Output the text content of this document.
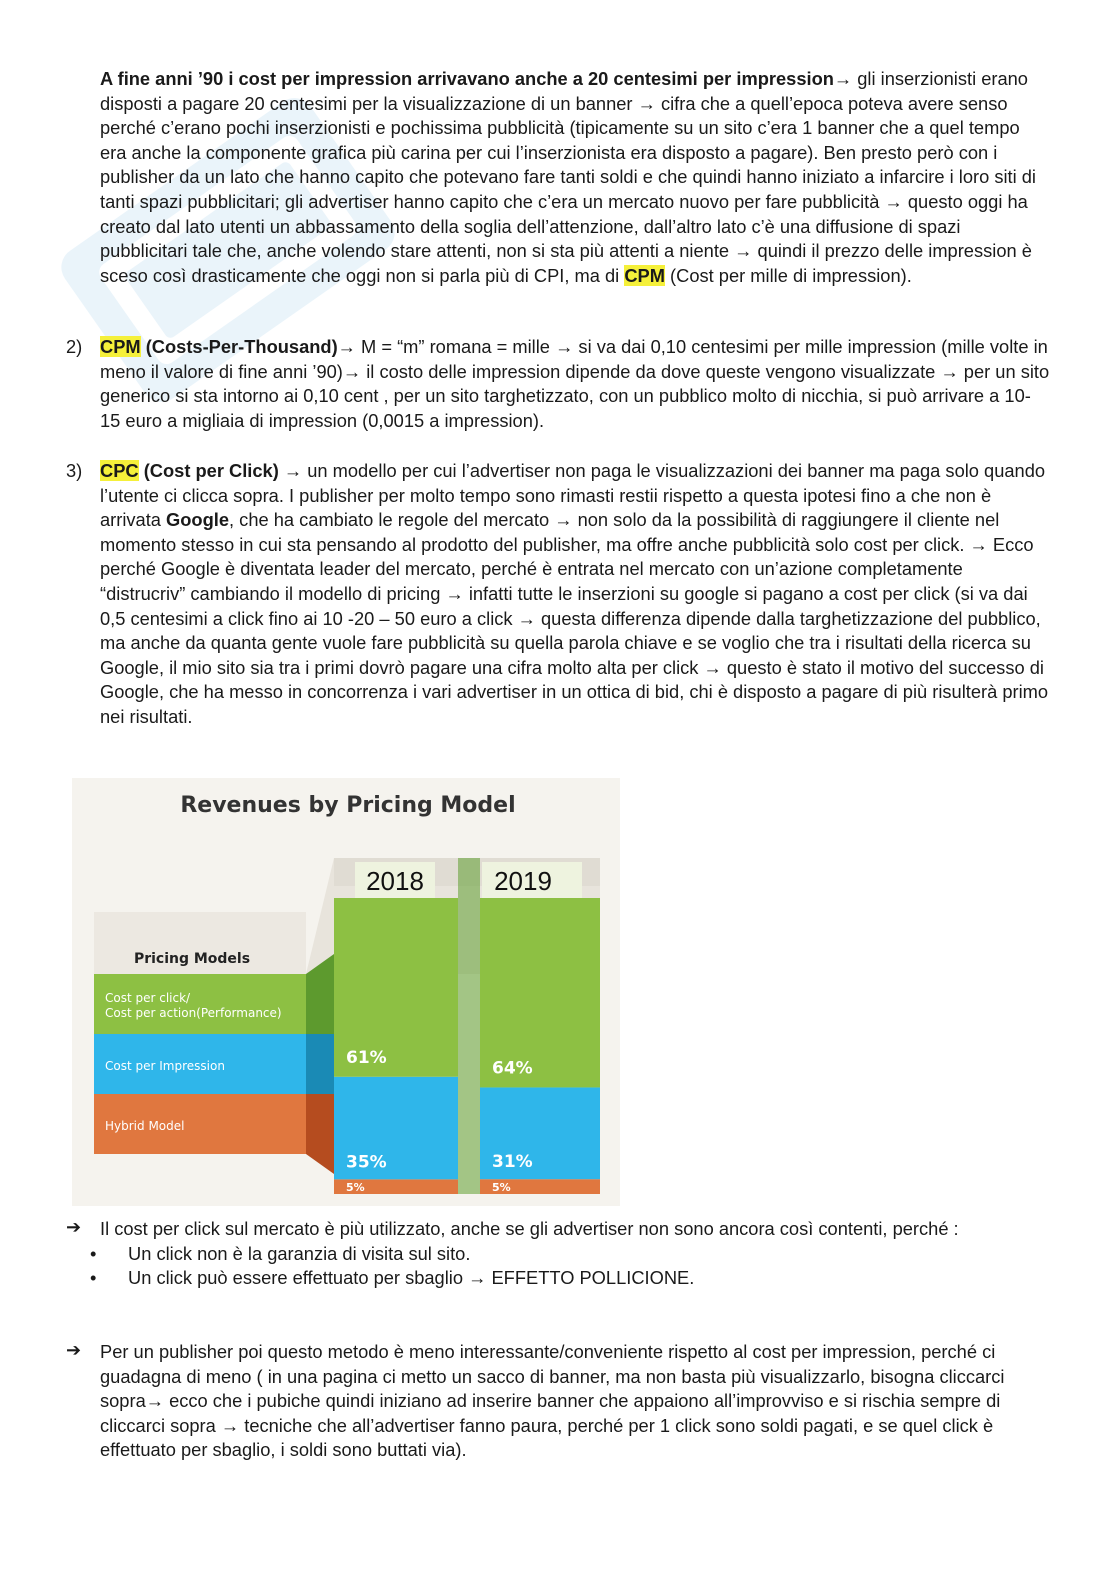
A fine anni ’90 i cost per impression arrivavano anche a 20 centesimi per impression→ gli inserzionisti erano disposti a pagare 20 centesimi per la visualizzazione di un banner → cifra che a quell’epoca poteva avere senso perché c’erano pochi inserzionisti e pochissima pubblicità (tipicamente su un sito c’era 1 banner che a quel tempo era anche la componente grafica più carina per cui l’inserzionista era disposto a pagare). Ben presto però con i publisher da un lato che hanno capito che potevano fare tanti soldi e che quindi hanno iniziato a infarcire i loro siti di tanti spazi pubblicitari; gli advertiser hanno capito che c’era un mercato nuovo per fare pubblicità → questo oggi ha creato dal lato utenti un abbassamento della soglia dell’attenzione, dall’altro lato c’è una diffusione di spazi pubblicitari tale che, anche volendo stare attenti, non si sta più attenti a niente → quindi il prezzo delle impression è sceso così drasticamente che oggi non si parla più di CPI, ma di CPM (Cost per mille di impression).

2) CPM (Costs-Per-Thousand)→ M = “m” romana = mille → si va dai 0,10 centesimi per mille impression (mille volte in meno il valore di fine anni ’90)→ il costo delle impression dipende da dove queste vengono visualizzate → per un sito generico si sta intorno ai 0,10 cent , per un sito targhetizzato, con un pubblico molto di nicchia, si può arrivare a 10-15 euro a migliaia di impression (0,0015 a impression).

3) CPC (Cost per Click) → un modello per cui l’advertiser non paga le visualizzazioni dei banner ma paga solo quando l’utente ci clicca sopra. I publisher per molto tempo sono rimasti restii rispetto a questa ipotesi fino a che non è arrivata Google, che ha cambiato le regole del mercato → non solo da la possibilità di raggiungere il cliente nel momento stesso in cui sta pensando al prodotto del publisher, ma offre anche pubblicità solo cost per click. → Ecco perché Google è diventata leader del mercato, perché è entrata nel mercato con un’azione completamente “distrucriv” cambiando il modello di pricing → infatti tutte le inserzioni su google si pagano a cost per click (si va dai 0,5 centesimi a click fino ai 10 -20 – 50 euro a click → questa differenza dipende dalla targhetizzazione del pubblico, ma anche da quanta gente vuole fare pubblicità su quella parola chiave e se voglio che tra i risultati della ricerca su Google, il mio sito sia tra i primi dovrò pagare una cifra molto alta per click → questo è stato il motivo del successo di Google, che ha messo in concorrenza i vari advertiser in un ottica di bid, chi è disposto a pagare di più risulterà primo nei risultati.

Revenues by Pricing Model
2018	2019
Pricing Models
Cost per click/
Cost per action(Performance)
Cost per Impression
Hybrid Model
5%
35%
61%
5%
31%
64%
➔ Il cost per click sul mercato è più utilizzato, anche se gli advertiser non sono ancora così contenti, perché :

• Un click non è la garanzia di visita sul sito.
• Un click può essere effettuato per sbaglio → EFFETTO POLLICIONE.
➔ Per un publisher poi questo metodo è meno interessante/conveniente rispetto al cost per impression, perché ci guadagna di meno ( in una pagina ci metto un sacco di banner, ma non basta più visualizzarlo, bisogna cliccarci sopra→ ecco che i pubiche quindi iniziano ad inserire banner che appaiono all’improvviso e si rischia sempre di cliccarci sopra → tecniche che all’advertiser fanno paura, perché per 1 click sono soldi pagati, e se quel click è effettuato per sbaglio, i soldi sono buttati via).
